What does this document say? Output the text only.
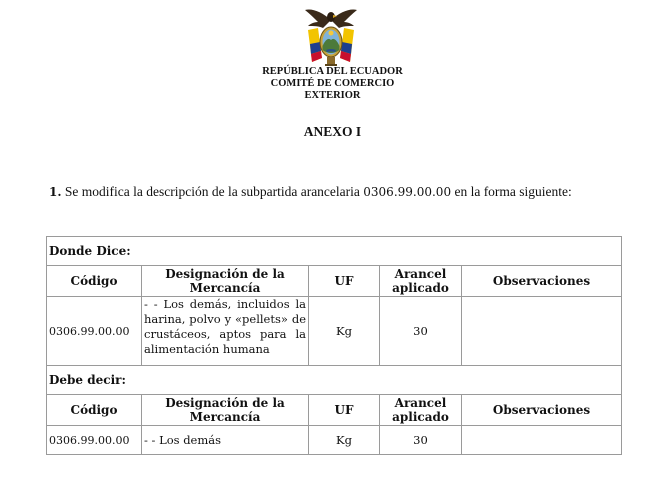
REPÚBLICA DEL ECUADOR
COMITÉ DE COMERCIO
EXTERIOR
ANEXO I
1. Se modifica la descripción de la subpartida arancelaria 0306.99.00.00 en la forma siguiente:
Donde Dice:				
Código	Designación de la Mercancía	UF	Arancel aplicado	Observaciones
0306.99.00.00	- - Los demás, incluidos la harina, polvo y «pellets» de crustáceos, aptos para la alimentación humana	Kg	30	
Debe decir:				
Código	Designación de la Mercancía	UF	Arancel aplicado	Observaciones
0306.99.00.00	- - Los demás	Kg	30	
